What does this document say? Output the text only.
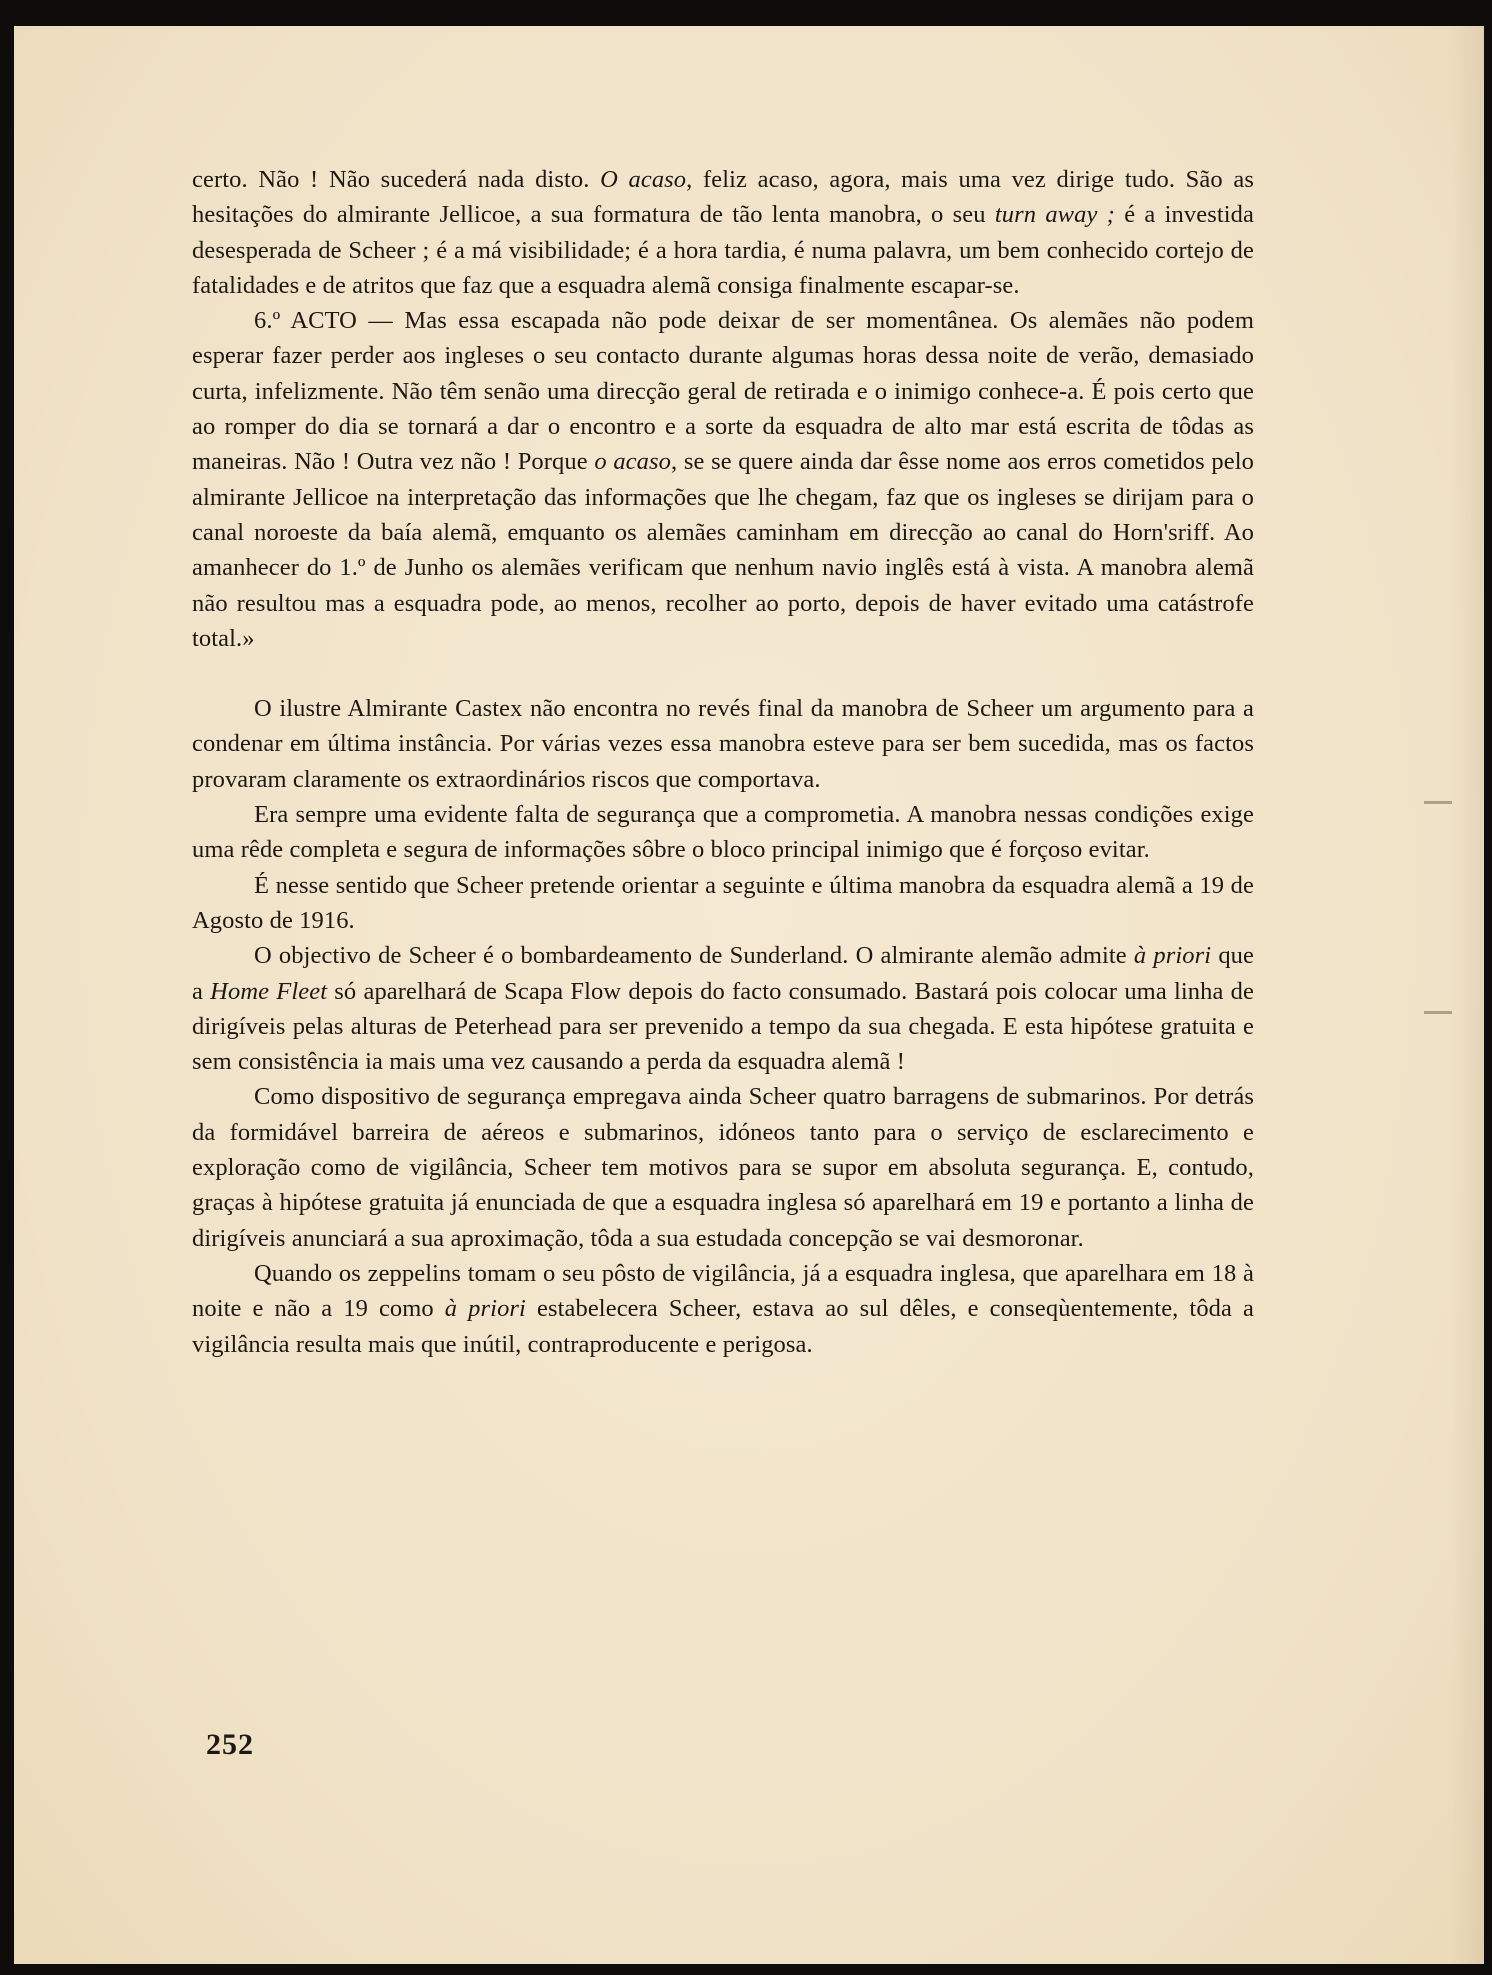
certo. Não ! Não sucederá nada disto. O acaso, feliz acaso, agora, mais uma vez dirige tudo. São as hesitações do almirante Jellicoe, a sua formatura de tão lenta manobra, o seu turn away ; é a investida desesperada de Scheer ; é a má visibilidade; é a hora tardia, é numa palavra, um bem conhecido cortejo de fatalidades e de atritos que faz que a esquadra alemã consiga finalmente escapar-se.

6.º ACTO — Mas essa escapada não pode deixar de ser momentânea. Os alemães não podem esperar fazer perder aos ingleses o seu contacto durante algumas horas dessa noite de verão, demasiado curta, infelizmente. Não têm senão uma direcção geral de retirada e o inimigo conhece-a. É pois certo que ao romper do dia se tornará a dar o encontro e a sorte da esquadra de alto mar está escrita de tôdas as maneiras. Não ! Outra vez não ! Porque o acaso, se se quere ainda dar êsse nome aos erros cometidos pelo almirante Jellicoe na interpretação das informações que lhe chegam, faz que os ingleses se dirijam para o canal noroeste da baía alemã, emquanto os alemães caminham em direcção ao canal do Horn'sriff. Ao amanhecer do 1.º de Junho os alemães verificam que nenhum navio inglês está à vista. A manobra alemã não resultou mas a esquadra pode, ao menos, recolher ao porto, depois de haver evitado uma catástrofe total.»

O ilustre Almirante Castex não encontra no revés final da manobra de Scheer um argumento para a condenar em última instância. Por várias vezes essa manobra esteve para ser bem sucedida, mas os factos provaram claramente os extraordinários riscos que comportava.

Era sempre uma evidente falta de segurança que a comprometia. A manobra nessas condições exige uma rêde completa e segura de informações sôbre o bloco principal inimigo que é forçoso evitar.

É nesse sentido que Scheer pretende orientar a seguinte e última manobra da esquadra alemã a 19 de Agosto de 1916.

O objectivo de Scheer é o bombardeamento de Sunderland. O almirante alemão admite à priori que a Home Fleet só aparelhará de Scapa Flow depois do facto consumado. Bastará pois colocar uma linha de dirigíveis pelas alturas de Peterhead para ser prevenido a tempo da sua chegada. E esta hipótese gratuita e sem consistência ia mais uma vez causando a perda da esquadra alemã !

Como dispositivo de segurança empregava ainda Scheer quatro barragens de submarinos. Por detrás da formidável barreira de aéreos e submarinos, idóneos tanto para o serviço de esclarecimento e exploração como de vigilância, Scheer tem motivos para se supor em absoluta segurança. E, contudo, graças à hipótese gratuita já enunciada de que a esquadra inglesa só aparelhará em 19 e portanto a linha de dirigíveis anunciará a sua aproximação, tôda a sua estudada concepção se vai desmoronar.

Quando os zeppelins tomam o seu pôsto de vigilância, já a esquadra inglesa, que aparelhara em 18 à noite e não a 19 como à priori estabelecera Scheer, estava ao sul dêles, e conseqùentemente, tôda a vigilância resulta mais que inútil, contraproducente e perigosa.

252
